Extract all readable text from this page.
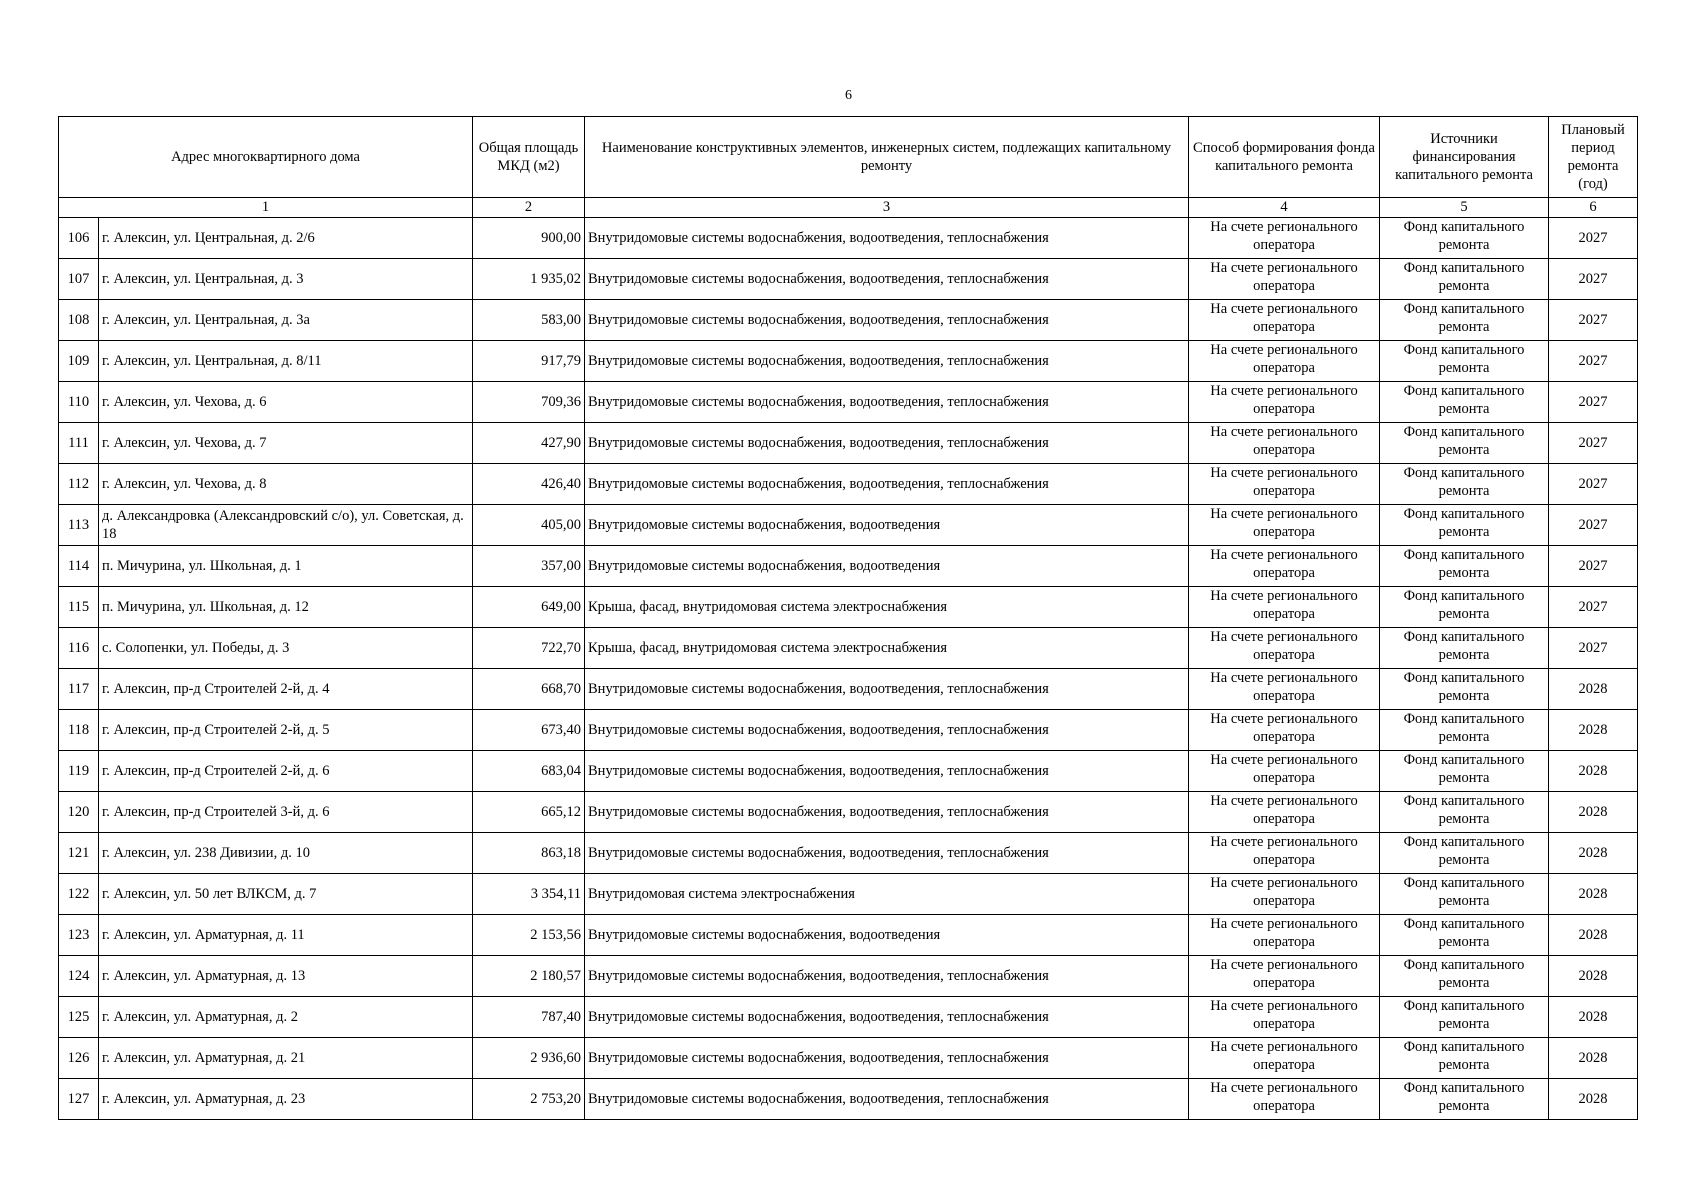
6
Адрес многоквартирного дома		Общая площадь МКД (м2)	Наименование конструктивных элементов, инженерных систем, подлежащих капитальному ремонту	Способ формирования фонда капитального ремонта	Источники финансирования капитального ремонта	Плановый период ремонта (год)
1		2	3	4	5	6
106	г. Алексин, ул. Центральная, д. 2/6	900,00	Внутридомовые системы водоснабжения, водоотведения, теплоснабжения	На счете регионального оператора	Фонд капитального ремонта	2027
107	г. Алексин, ул. Центральная, д. 3	1 935,02	Внутридомовые системы водоснабжения, водоотведения, теплоснабжения	На счете регионального оператора	Фонд капитального ремонта	2027
108	г. Алексин, ул. Центральная, д. 3а	583,00	Внутридомовые системы водоснабжения, водоотведения, теплоснабжения	На счете регионального оператора	Фонд капитального ремонта	2027
109	г. Алексин, ул. Центральная, д. 8/11	917,79	Внутридомовые системы водоснабжения, водоотведения, теплоснабжения	На счете регионального оператора	Фонд капитального ремонта	2027
110	г. Алексин, ул. Чехова, д. 6	709,36	Внутридомовые системы водоснабжения, водоотведения, теплоснабжения	На счете регионального оператора	Фонд капитального ремонта	2027
111	г. Алексин, ул. Чехова, д. 7	427,90	Внутридомовые системы водоснабжения, водоотведения, теплоснабжения	На счете регионального оператора	Фонд капитального ремонта	2027
112	г. Алексин, ул. Чехова, д. 8	426,40	Внутридомовые системы водоснабжения, водоотведения, теплоснабжения	На счете регионального оператора	Фонд капитального ремонта	2027
113	д. Александровка (Александровский с/о), ул. Советская, д. 18	405,00	Внутридомовые системы водоснабжения, водоотведения	На счете регионального оператора	Фонд капитального ремонта	2027
114	п. Мичурина, ул. Школьная, д. 1	357,00	Внутридомовые системы водоснабжения, водоотведения	На счете регионального оператора	Фонд капитального ремонта	2027
115	п. Мичурина, ул. Школьная, д. 12	649,00	Крыша, фасад, внутридомовая система электроснабжения	На счете регионального оператора	Фонд капитального ремонта	2027
116	с. Солопенки, ул. Победы, д. 3	722,70	Крыша, фасад, внутридомовая система электроснабжения	На счете регионального оператора	Фонд капитального ремонта	2027
117	г. Алексин, пр-д Строителей 2-й, д. 4	668,70	Внутридомовые системы водоснабжения, водоотведения, теплоснабжения	На счете регионального оператора	Фонд капитального ремонта	2028
118	г. Алексин, пр-д Строителей 2-й, д. 5	673,40	Внутридомовые системы водоснабжения, водоотведения, теплоснабжения	На счете регионального оператора	Фонд капитального ремонта	2028
119	г. Алексин, пр-д Строителей 2-й, д. 6	683,04	Внутридомовые системы водоснабжения, водоотведения, теплоснабжения	На счете регионального оператора	Фонд капитального ремонта	2028
120	г. Алексин, пр-д Строителей 3-й, д. 6	665,12	Внутридомовые системы водоснабжения, водоотведения, теплоснабжения	На счете регионального оператора	Фонд капитального ремонта	2028
121	г. Алексин, ул. 238 Дивизии, д. 10	863,18	Внутридомовые системы водоснабжения, водоотведения, теплоснабжения	На счете регионального оператора	Фонд капитального ремонта	2028
122	г. Алексин, ул. 50 лет ВЛКСМ, д. 7	3 354,11	Внутридомовая система электроснабжения	На счете регионального оператора	Фонд капитального ремонта	2028
123	г. Алексин, ул. Арматурная, д. 11	2 153,56	Внутридомовые системы водоснабжения, водоотведения	На счете регионального оператора	Фонд капитального ремонта	2028
124	г. Алексин, ул. Арматурная, д. 13	2 180,57	Внутридомовые системы водоснабжения, водоотведения, теплоснабжения	На счете регионального оператора	Фонд капитального ремонта	2028
125	г. Алексин, ул. Арматурная, д. 2	787,40	Внутридомовые системы водоснабжения, водоотведения, теплоснабжения	На счете регионального оператора	Фонд капитального ремонта	2028
126	г. Алексин, ул. Арматурная, д. 21	2 936,60	Внутридомовые системы водоснабжения, водоотведения, теплоснабжения	На счете регионального оператора	Фонд капитального ремонта	2028
127	г. Алексин, ул. Арматурная, д. 23	2 753,20	Внутридомовые системы водоснабжения, водоотведения, теплоснабжения	На счете регионального оператора	Фонд капитального ремонта	2028
